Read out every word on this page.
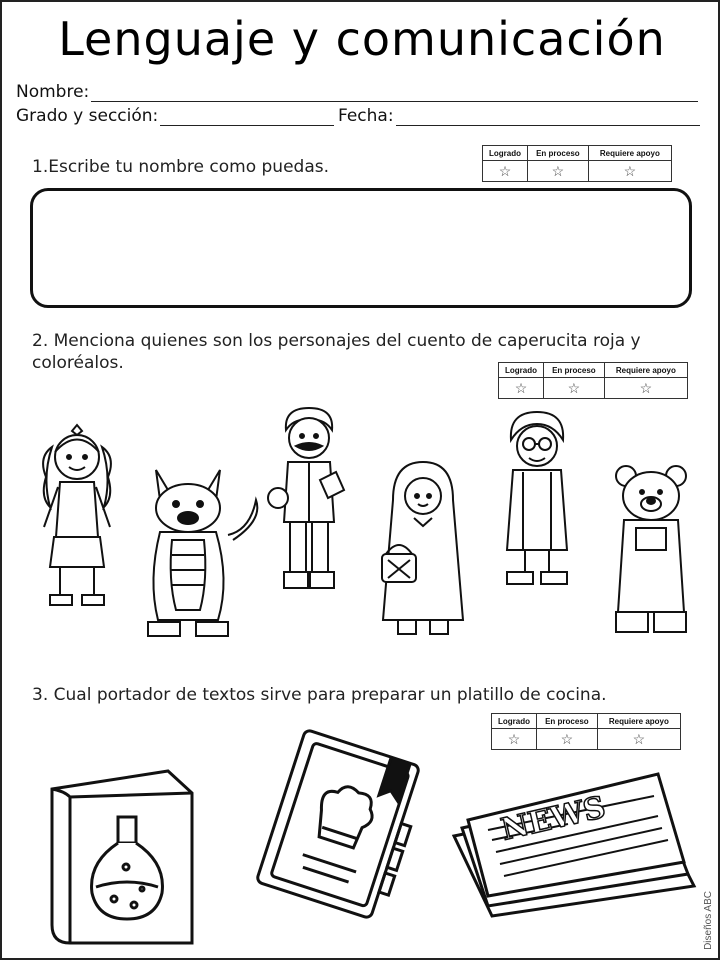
Lenguaje y comunicación
Nombre:
Grado y sección:	Fecha:
1.Escribe tu nombre como puedas.
Logrado	En proceso	Requiere apoyo
☆	☆	☆
2. Menciona quienes son los personajes del cuento de caperucita roja y coloréalos.	Logrado	En proceso	Requiere apoyo
☆	☆	☆
3. Cual portador de textos sirve para preparar un platillo de cocina.
Logrado	En proceso	Requiere apoyo
☆	☆	☆
NEWS
Diseños ABC
